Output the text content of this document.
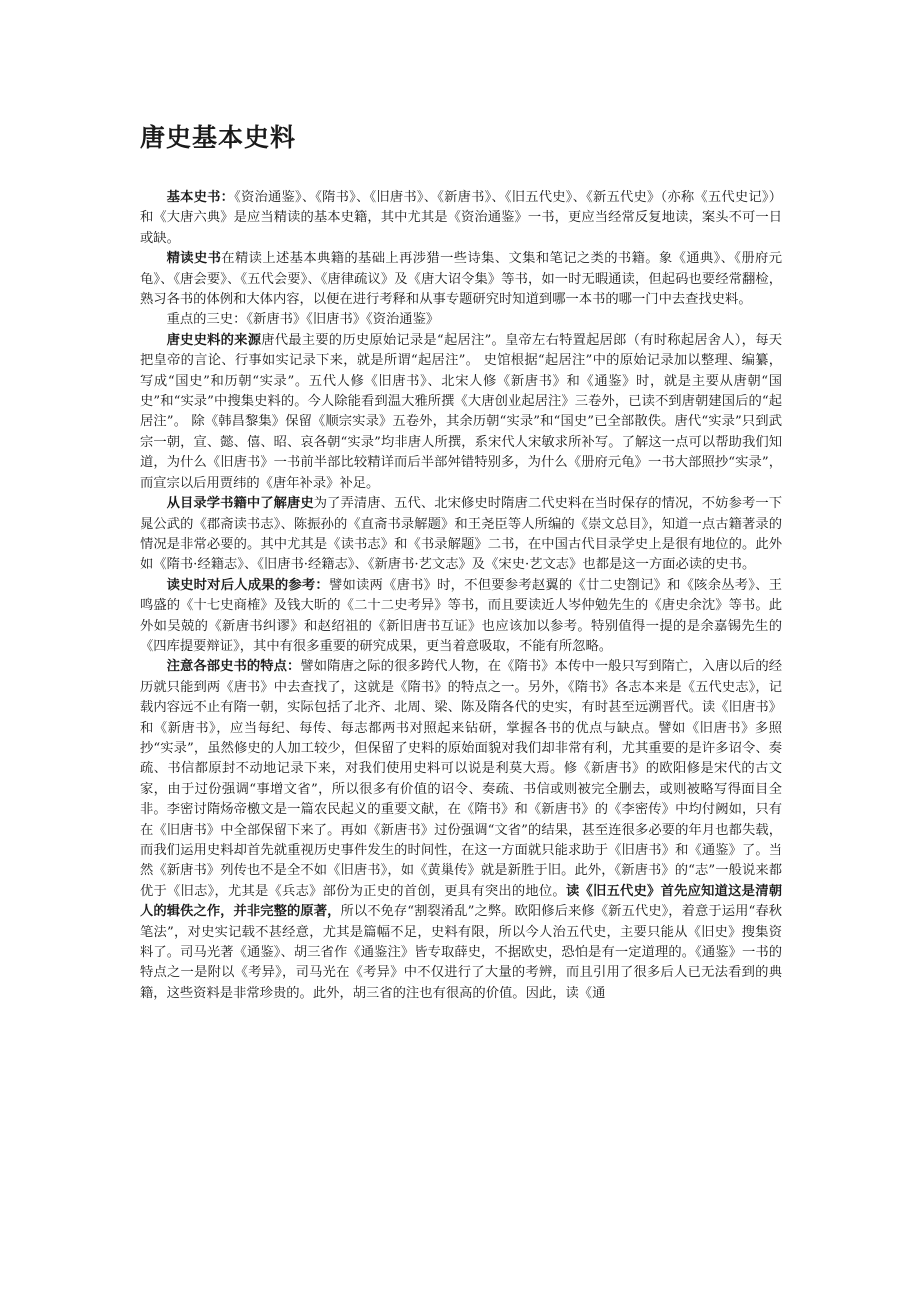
唐史基本史料

基本史书：《资治通鉴》、《隋书》、《旧唐书》、《新唐书》、《旧五代史》、《新五代史》（亦称《五代史记》）和《大唐六典》是应当精读的基本史籍，其中尤其是《资治通鉴》一书，更应当经常反复地读，案头不可一日或缺。

精读史书在精读上述基本典籍的基础上再涉猎一些诗集、文集和笔记之类的书籍。象《通典》、《册府元龟》、《唐会要》、《五代会要》、《唐律疏议》及《唐大诏令集》等书，如一时无暇通读，但起码也要经常翻检，熟习各书的体例和大体内容，以便在进行考释和从事专题研究时知道到哪一本书的哪一门中去查找史料。

重点的三史：《新唐书》《旧唐书》《资治通鉴》

唐史史料的来源唐代最主要的历史原始记录是“起居注”。皇帝左右特置起居郎（有时称起居舍人），每天把皇帝的言论、行事如实记录下来，就是所谓“起居注”。 史馆根据“起居注”中的原始记录加以整理、编纂，写成“国史”和历朝“实录”。五代人修《旧唐书》、北宋人修《新唐书》和《通鉴》时，就是主要从唐朝“国史”和“实录”中搜集史料的。今人除能看到温大雅所撰《大唐创业起居注》三卷外，已读不到唐朝建国后的“起居注”。 除《韩昌黎集》保留《顺宗实录》五卷外，其余历朝“实录”和“国史”已全部散佚。唐代“实录”只到武宗一朝，宣、懿、僖、昭、哀各朝“实录”均非唐人所撰，系宋代人宋敏求所补写。了解这一点可以帮助我们知道，为什么《旧唐书》一书前半部比较精详而后半部舛错特别多，为什么《册府元龟》一书大部照抄“实录”，而宣宗以后用贾纬的《唐年补录》补足。

从目录学书籍中了解唐史为了弄清唐、五代、北宋修史时隋唐二代史料在当时保存的情况，不妨参考一下晁公武的《郡斋读书志》、陈振孙的《直斋书录解题》和王尧臣等人所编的《崇文总目》，知道一点古籍著录的情况是非常必要的。其中尤其是《读书志》和《书录解题》二书，在中国古代目录学史上是很有地位的。此外如《隋书·经籍志》、《旧唐书·经籍志》、《新唐书·艺文志》及《宋史·艺文志》也都是这一方面必读的史书。

读史时对后人成果的参考：譬如读两《唐书》时，不但要参考赵翼的《廿二史劄记》和《陔余丛考》、王鸣盛的《十七史商榷》及钱大昕的《二十二史考异》等书，而且要读近人岑仲勉先生的《唐史余沈》等书。此外如吴兢的《新唐书纠谬》和赵绍祖的《新旧唐书互证》也应该加以参考。特别值得一提的是余嘉锡先生的《四库提要辩证》，其中有很多重要的研究成果，更当着意吸取，不能有所忽略。

注意各部史书的特点：譬如隋唐之际的很多跨代人物，在《隋书》本传中一般只写到隋亡，入唐以后的经历就只能到两《唐书》中去查找了，这就是《隋书》的特点之一。另外，《隋书》各志本来是《五代史志》，记载内容远不止有隋一朝，实际包括了北齐、北周、梁、陈及隋各代的史实，有时甚至远溯晋代。读《旧唐书》和《新唐书》，应当每纪、每传、每志都两书对照起来钻研，掌握各书的优点与缺点。譬如《旧唐书》多照抄“实录”，虽然修史的人加工较少，但保留了史料的原始面貌对我们却非常有利，尤其重要的是许多诏令、奏疏、书信都原封不动地记录下来，对我们使用史料可以说是利莫大焉。修《新唐书》的欧阳修是宋代的古文家，由于过份强调“事增文省”，所以很多有价值的诏令、奏疏、书信或则被完全删去，或则被略写得面目全非。李密讨隋炀帝檄文是一篇农民起义的重要文献，在《隋书》和《新唐书》的《李密传》中均付阙如，只有在《旧唐书》中全部保留下来了。再如《新唐书》过份强调“文省”的结果，甚至连很多必要的年月也都失载，而我们运用史料却首先就重视历史事件发生的时间性，在这一方面就只能求助于《旧唐书》和《通鉴》了。当然《新唐书》列传也不是全不如《旧唐书》，如《黄巢传》就是新胜于旧。此外，《新唐书》的“志”一般说来都优于《旧志》，尤其是《兵志》部份为正史的首创，更具有突出的地位。读《旧五代史》首先应知道这是清朝人的辑佚之作，并非完整的原著，所以不免存“割裂淆乱”之弊。欧阳修后来修《新五代史》，着意于运用“春秋笔法”，对史实记载不甚经意，尤其是篇幅不足，史料有限，所以今人治五代史，主要只能从《旧史》搜集资料了。司马光著《通鉴》、胡三省作《通鉴注》皆专取薛史，不据欧史，恐怕是有一定道理的。《通鉴》一书的特点之一是附以《考异》，司马光在《考异》中不仅进行了大量的考辨，而且引用了很多后人已无法看到的典籍，这些资料是非常珍贵的。此外，胡三省的注也有很高的价值。因此，读《通
